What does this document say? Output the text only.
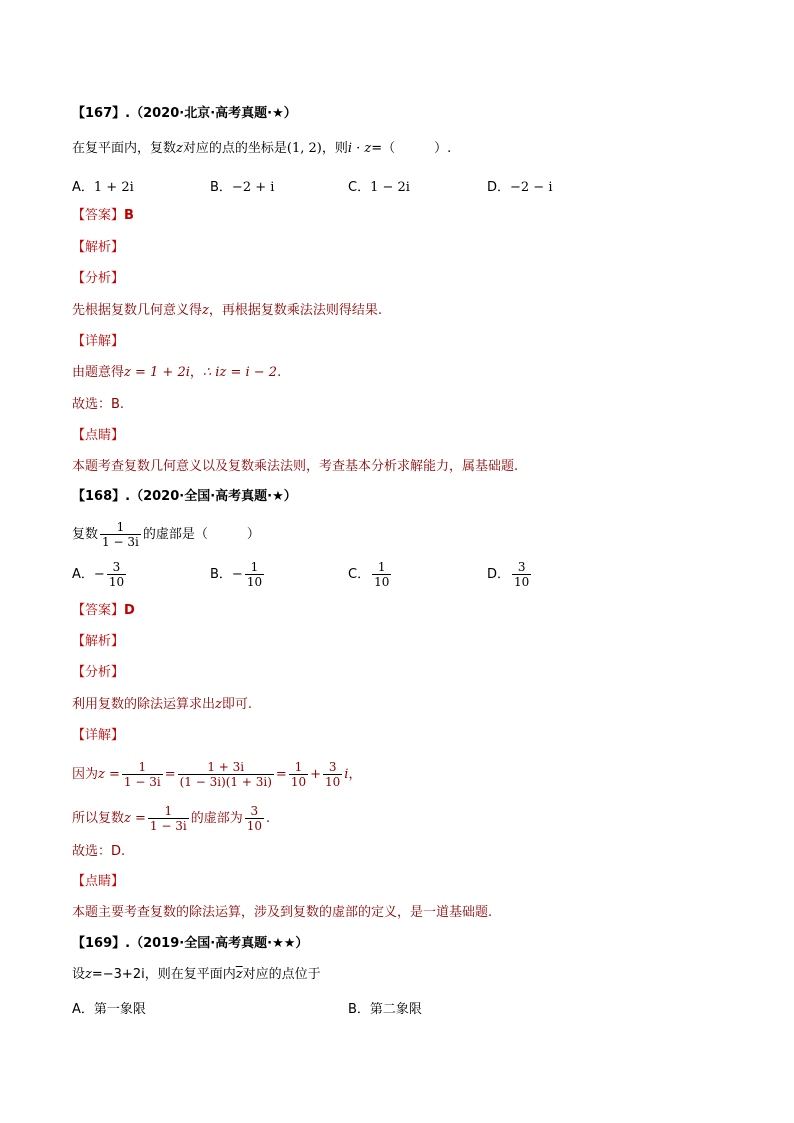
【167】.（2020·北京·高考真题·★）
在复平面内，复数z对应的点的坐标是(1, 2)，则i · z=（　　　）.
A．1 + 2i	B．−2 + i	C．1 − 2i	D．−2 − i
【答案】B
【解析】
【分析】
先根据复数几何意义得z，再根据复数乘法法则得结果.
【详解】
由题意得z = 1 + 2i，∴ iz = i − 2.
故选：B.
【点睛】
本题考查复数几何意义以及复数乘法法则，考查基本分析求解能力，属基础题.
【168】.（2020·全国·高考真题·★）
复数 $\frac{1}{1 - 3i}$ 的虚部是（　　　）
A．− $\frac{3}{10}$	B．− $\frac{1}{10}$	C． $\frac{1}{10}$	D． $\frac{3}{10}$
【答案】D
【解析】
【分析】
利用复数的除法运算求出z即可.
【详解】
因为$z = \frac{1}{1 - 3i} = \frac{1 + 3i}{(1 - 3i)(1 + 3i)} = \frac{1}{10} + \frac{3}{10}$ i，
所以复数$z = \frac{1}{1 - 3i}$ 的虚部为 $\frac{3}{10}$ .
故选：D.
【点睛】
本题主要考查复数的除法运算，涉及到复数的虚部的定义，是一道基础题.
【169】.（2019·全国·高考真题·★★）
设z=−3+2i，则在复平面内$\overline{z}$对应的点位于
A．第一象限	B．第二象限
